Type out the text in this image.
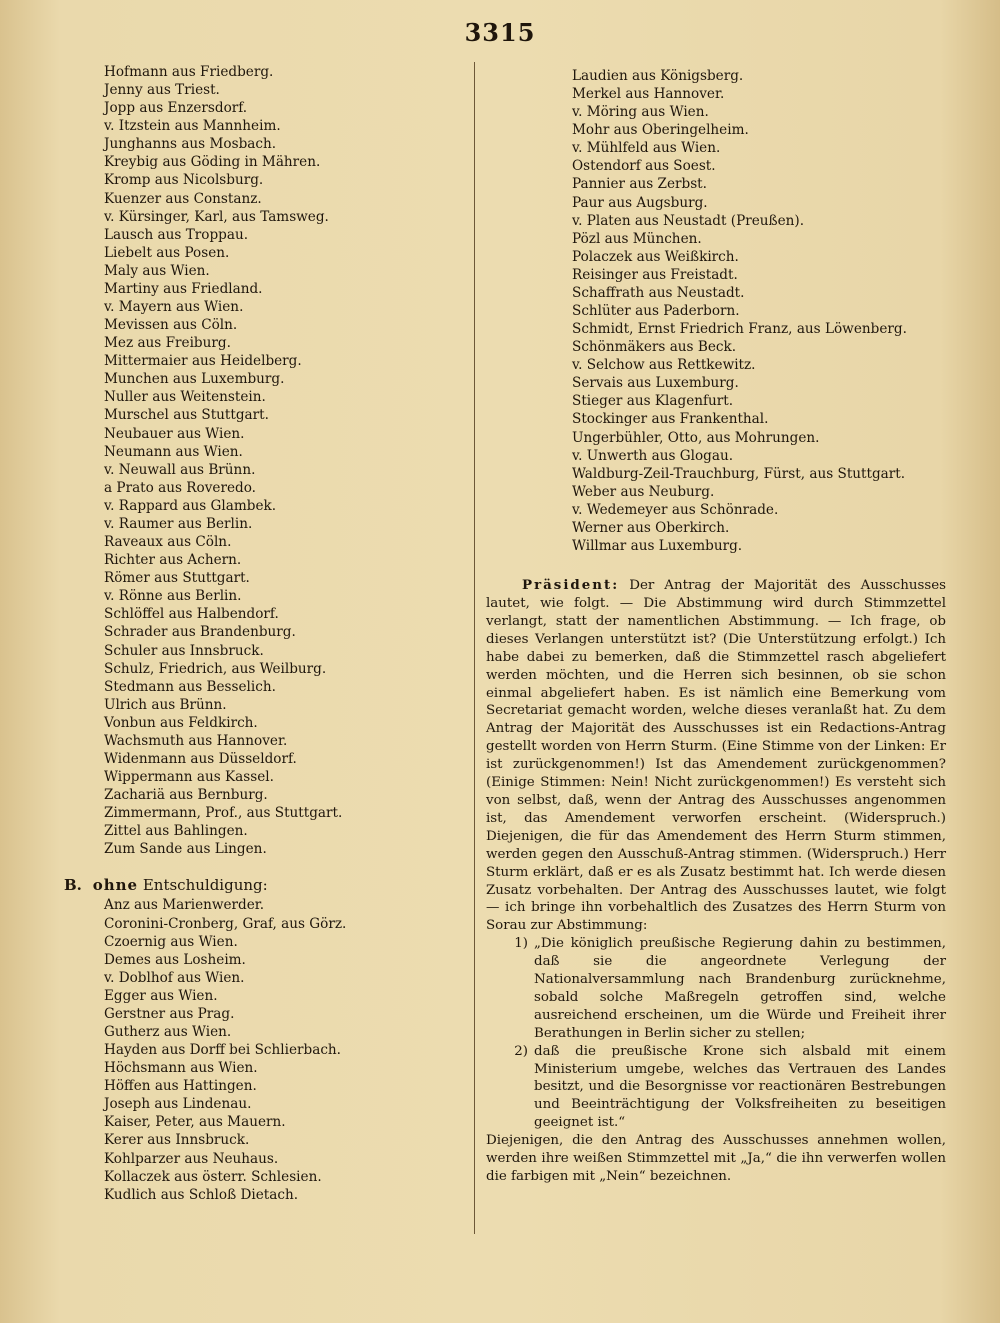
3315
Hofmann aus Friedberg.
Jenny aus Triest.
Jopp aus Enzersdorf.
v. Itzstein aus Mannheim.
Junghanns aus Mosbach.
Kreybig aus Göding in Mähren.
Kromp aus Nicolsburg.
Kuenzer aus Constanz.
v. Kürsinger, Karl, aus Tamsweg.
Lausch aus Troppau.
Liebelt aus Posen.
Maly aus Wien.
Martiny aus Friedland.
v. Mayern aus Wien.
Mevissen aus Cöln.
Mez aus Freiburg.
Mittermaier aus Heidelberg.
Munchen aus Luxemburg.
Nuller aus Weitenstein.
Murschel aus Stuttgart.
Neubauer aus Wien.
Neumann aus Wien.
v. Neuwall aus Brünn.
a Prato aus Roveredo.
v. Rappard aus Glambek.
v. Raumer aus Berlin.
Raveaux aus Cöln.
Richter aus Achern.
Römer aus Stuttgart.
v. Rönne aus Berlin.
Schlöffel aus Halbendorf.
Schrader aus Brandenburg.
Schuler aus Innsbruck.
Schulz, Friedrich, aus Weilburg.
Stedmann aus Besselich.
Ulrich aus Brünn.
Vonbun aus Feldkirch.
Wachsmuth aus Hannover.
Widenmann aus Düsseldorf.
Wippermann aus Kassel.
Zachariä aus Bernburg.
Zimmermann, Prof., aus Stuttgart.
Zittel aus Bahlingen.
Zum Sande aus Lingen.
B. ohne Entschuldigung:
Anz aus Marienwerder.
Coronini-Cronberg, Graf, aus Görz.
Czoernig aus Wien.
Demes aus Losheim.
v. Doblhof aus Wien.
Egger aus Wien.
Gerstner aus Prag.
Gutherz aus Wien.
Hayden aus Dorff bei Schlierbach.
Höchsmann aus Wien.
Höffen aus Hattingen.
Joseph aus Lindenau.
Kaiser, Peter, aus Mauern.
Kerer aus Innsbruck.
Kohlparzer aus Neuhaus.
Kollaczek aus österr. Schlesien.
Kudlich aus Schloß Dietach.
Laudien aus Königsberg.
Merkel aus Hannover.
v. Möring aus Wien.
Mohr aus Oberingelheim.
v. Mühlfeld aus Wien.
Ostendorf aus Soest.
Pannier aus Zerbst.
Paur aus Augsburg.
v. Platen aus Neustadt (Preußen).
Pözl aus München.
Polaczek aus Weißkirch.
Reisinger aus Freistadt.
Schaffrath aus Neustadt.
Schlüter aus Paderborn.
Schmidt, Ernst Friedrich Franz, aus Löwenberg.
Schönmäkers aus Beck.
v. Selchow aus Rettkewitz.
Servais aus Luxemburg.
Stieger aus Klagenfurt.
Stockinger aus Frankenthal.
Ungerbühler, Otto, aus Mohrungen.
v. Unwerth aus Glogau.
Waldburg-Zeil-Trauchburg, Fürst, aus Stuttgart.
Weber aus Neuburg.
v. Wedemeyer aus Schönrade.
Werner aus Oberkirch.
Willmar aus Luxemburg.

Präsident: Der Antrag der Majorität des Ausschusses lautet, wie folgt. — Die Abstimmung wird durch Stimmzettel verlangt, statt der namentlichen Abstimmung. — Ich frage, ob dieses Verlangen unterstützt ist? (Die Unterstützung erfolgt.) Ich habe dabei zu bemerken, daß die Stimmzettel rasch abgeliefert werden möchten, und die Herren sich besinnen, ob sie schon einmal abgeliefert haben. Es ist nämlich eine Bemerkung vom Secretariat gemacht worden, welche dieses veranlaßt hat. Zu dem Antrag der Majorität des Ausschusses ist ein Redactions-Antrag gestellt worden von Herrn Sturm. (Eine Stimme von der Linken: Er ist zurückgenommen!) Ist das Amendement zurückgenommen? (Einige Stimmen: Nein! Nicht zurückgenommen!) Es versteht sich von selbst, daß, wenn der Antrag des Ausschusses angenommen ist, das Amendement verworfen erscheint. (Widerspruch.) Diejenigen, die für das Amendement des Herrn Sturm stimmen, werden gegen den Ausschuß-Antrag stimmen. (Widerspruch.) Herr Sturm erklärt, daß er es als Zusatz bestimmt hat. Ich werde diesen Zusatz vorbehalten. Der Antrag des Ausschusses lautet, wie folgt — ich bringe ihn vorbehaltlich des Zusatzes des Herrn Sturm von Sorau zur Abstimmung:

1) „Die königlich preußische Regierung dahin zu bestimmen, daß sie die angeordnete Verlegung der Nationalversammlung nach Brandenburg zurücknehme, sobald solche Maßregeln getroffen sind, welche ausreichend erscheinen, um die Würde und Freiheit ihrer Berathungen in Berlin sicher zu stellen;
2) daß die preußische Krone sich alsbald mit einem Ministerium umgebe, welches das Vertrauen des Landes besitzt, und die Besorgnisse vor reactionären Bestrebungen und Beeinträchtigung der Volksfreiheiten zu beseitigen geeignet ist.“
Diejenigen, die den Antrag des Ausschusses annehmen wollen, werden ihre weißen Stimmzettel mit „Ja,“ die ihn verwerfen wollen die farbigen mit „Nein“ bezeichnen.
